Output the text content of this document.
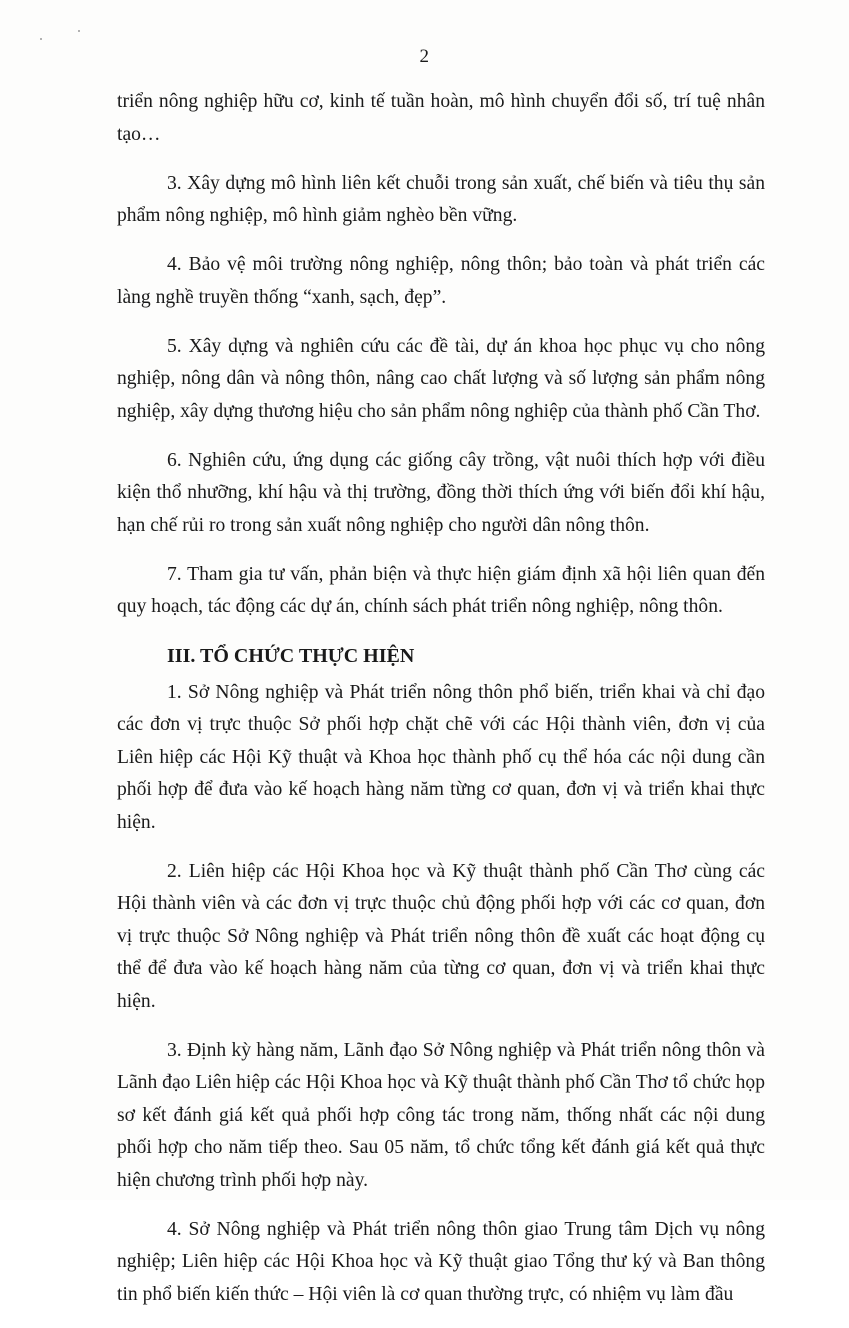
2

triển nông nghiệp hữu cơ, kinh tế tuần hoàn, mô hình chuyển đổi số, trí tuệ nhân tạo…

3. Xây dựng mô hình liên kết chuỗi trong sản xuất, chế biến và tiêu thụ sản phẩm nông nghiệp, mô hình giảm nghèo bền vững.

4. Bảo vệ môi trường nông nghiệp, nông thôn; bảo toàn và phát triển các làng nghề truyền thống “xanh, sạch, đẹp”.

5. Xây dựng và nghiên cứu các đề tài, dự án khoa học phục vụ cho nông nghiệp, nông dân và nông thôn, nâng cao chất lượng và số lượng sản phẩm nông nghiệp, xây dựng thương hiệu cho sản phẩm nông nghiệp của thành phố Cần Thơ.

6. Nghiên cứu, ứng dụng các giống cây trồng, vật nuôi thích hợp với điều kiện thổ nhưỡng, khí hậu và thị trường, đồng thời thích ứng với biến đổi khí hậu, hạn chế rủi ro trong sản xuất nông nghiệp cho người dân nông thôn.

7. Tham gia tư vấn, phản biện và thực hiện giám định xã hội liên quan đến quy hoạch, tác động các dự án, chính sách phát triển nông nghiệp, nông thôn.

III. TỔ CHỨC THỰC HIỆN

1. Sở Nông nghiệp và Phát triển nông thôn phổ biến, triển khai và chỉ đạo các đơn vị trực thuộc Sở phối hợp chặt chẽ với các Hội thành viên, đơn vị của Liên hiệp các Hội Kỹ thuật và Khoa học thành phố cụ thể hóa các nội dung cần phối hợp để đưa vào kế hoạch hàng năm từng cơ quan, đơn vị và triển khai thực hiện.

2. Liên hiệp các Hội Khoa học và Kỹ thuật thành phố Cần Thơ cùng các Hội thành viên và các đơn vị trực thuộc chủ động phối hợp với các cơ quan, đơn vị trực thuộc Sở Nông nghiệp và Phát triển nông thôn đề xuất các hoạt động cụ thể để đưa vào kế hoạch hàng năm của từng cơ quan, đơn vị và triển khai thực hiện.

3. Định kỳ hàng năm, Lãnh đạo Sở Nông nghiệp và Phát triển nông thôn và Lãnh đạo Liên hiệp các Hội Khoa học và Kỹ thuật thành phố Cần Thơ tổ chức họp sơ kết đánh giá kết quả phối hợp công tác trong năm, thống nhất các nội dung phối hợp cho năm tiếp theo. Sau 05 năm, tổ chức tổng kết đánh giá kết quả thực hiện chương trình phối hợp này.

4. Sở Nông nghiệp và Phát triển nông thôn giao Trung tâm Dịch vụ nông nghiệp; Liên hiệp các Hội Khoa học và Kỹ thuật giao Tổng thư ký và Ban thông tin phổ biến kiến thức – Hội viên là cơ quan thường trực, có nhiệm vụ làm đầu
